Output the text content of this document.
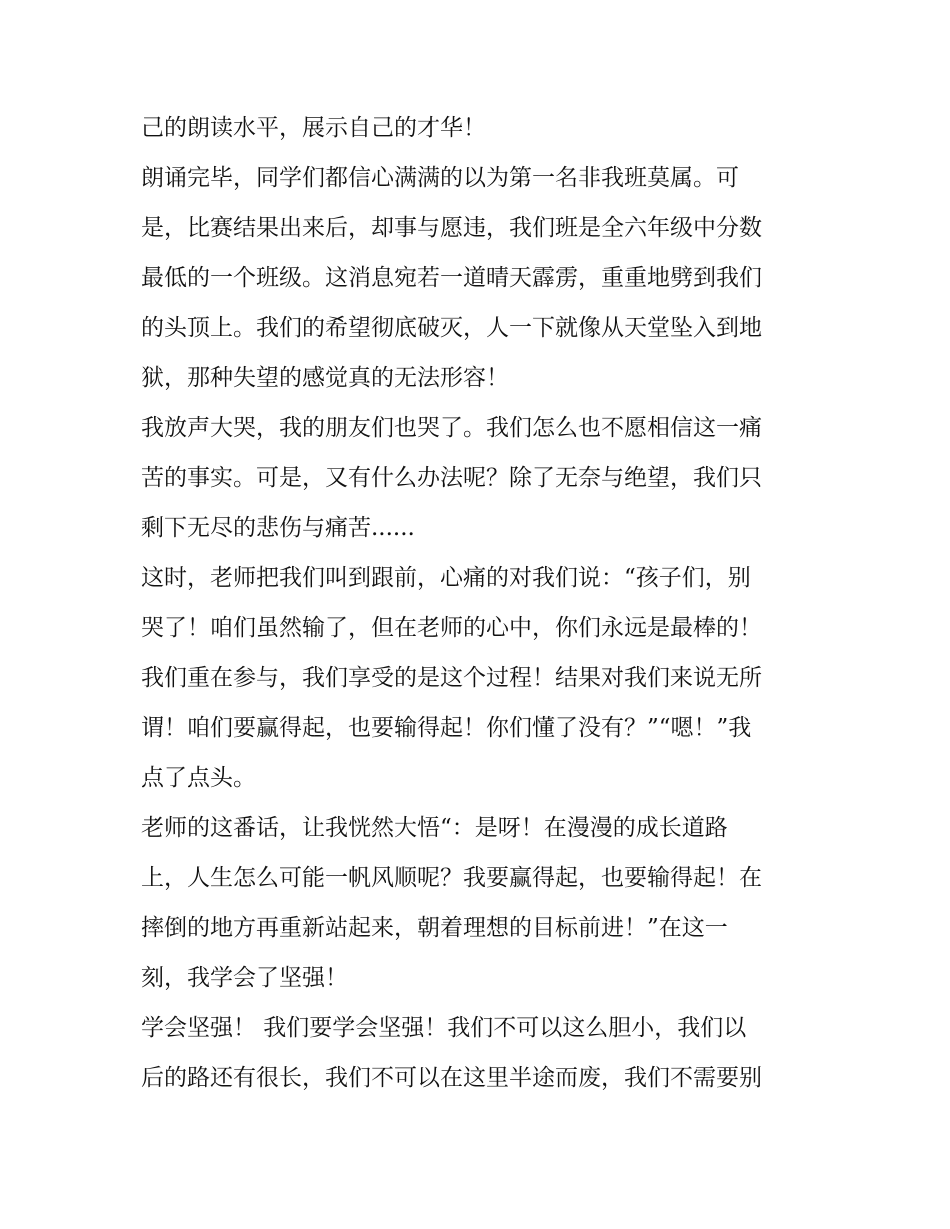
己的朗读水平，展示自己的才华！
朗诵完毕，同学们都信心满满的以为第一名非我班莫属。可
是，比赛结果出来后，却事与愿违，我们班是全六年级中分数
最低的一个班级。这消息宛若一道晴天霹雳，重重地劈到我们
的头顶上。我们的希望彻底破灭，人一下就像从天堂坠入到地
狱，那种失望的感觉真的无法形容！
我放声大哭，我的朋友们也哭了。我们怎么也不愿相信这一痛
苦的事实。可是，又有什么办法呢？除了无奈与绝望，我们只
剩下无尽的悲伤与痛苦......
这时，老师把我们叫到跟前，心痛的对我们说：“孩子们，别
哭了！咱们虽然输了，但在老师的心中，你们永远是最棒的！
我们重在参与，我们享受的是这个过程！结果对我们来说无所
谓！咱们要赢得起，也要输得起！你们懂了没有？”“嗯！”我
点了点头。
老师的这番话，让我恍然大悟“：是呀！在漫漫的成长道路
上，人生怎么可能一帆风顺呢？我要赢得起，也要输得起！在
摔倒的地方再重新站起来，朝着理想的目标前进！”在这一
刻，我学会了坚强！
学会坚强！ 我们要学会坚强！我们不可以这么胆小，我们以
后的路还有很长，我们不可以在这里半途而废，我们不需要别
